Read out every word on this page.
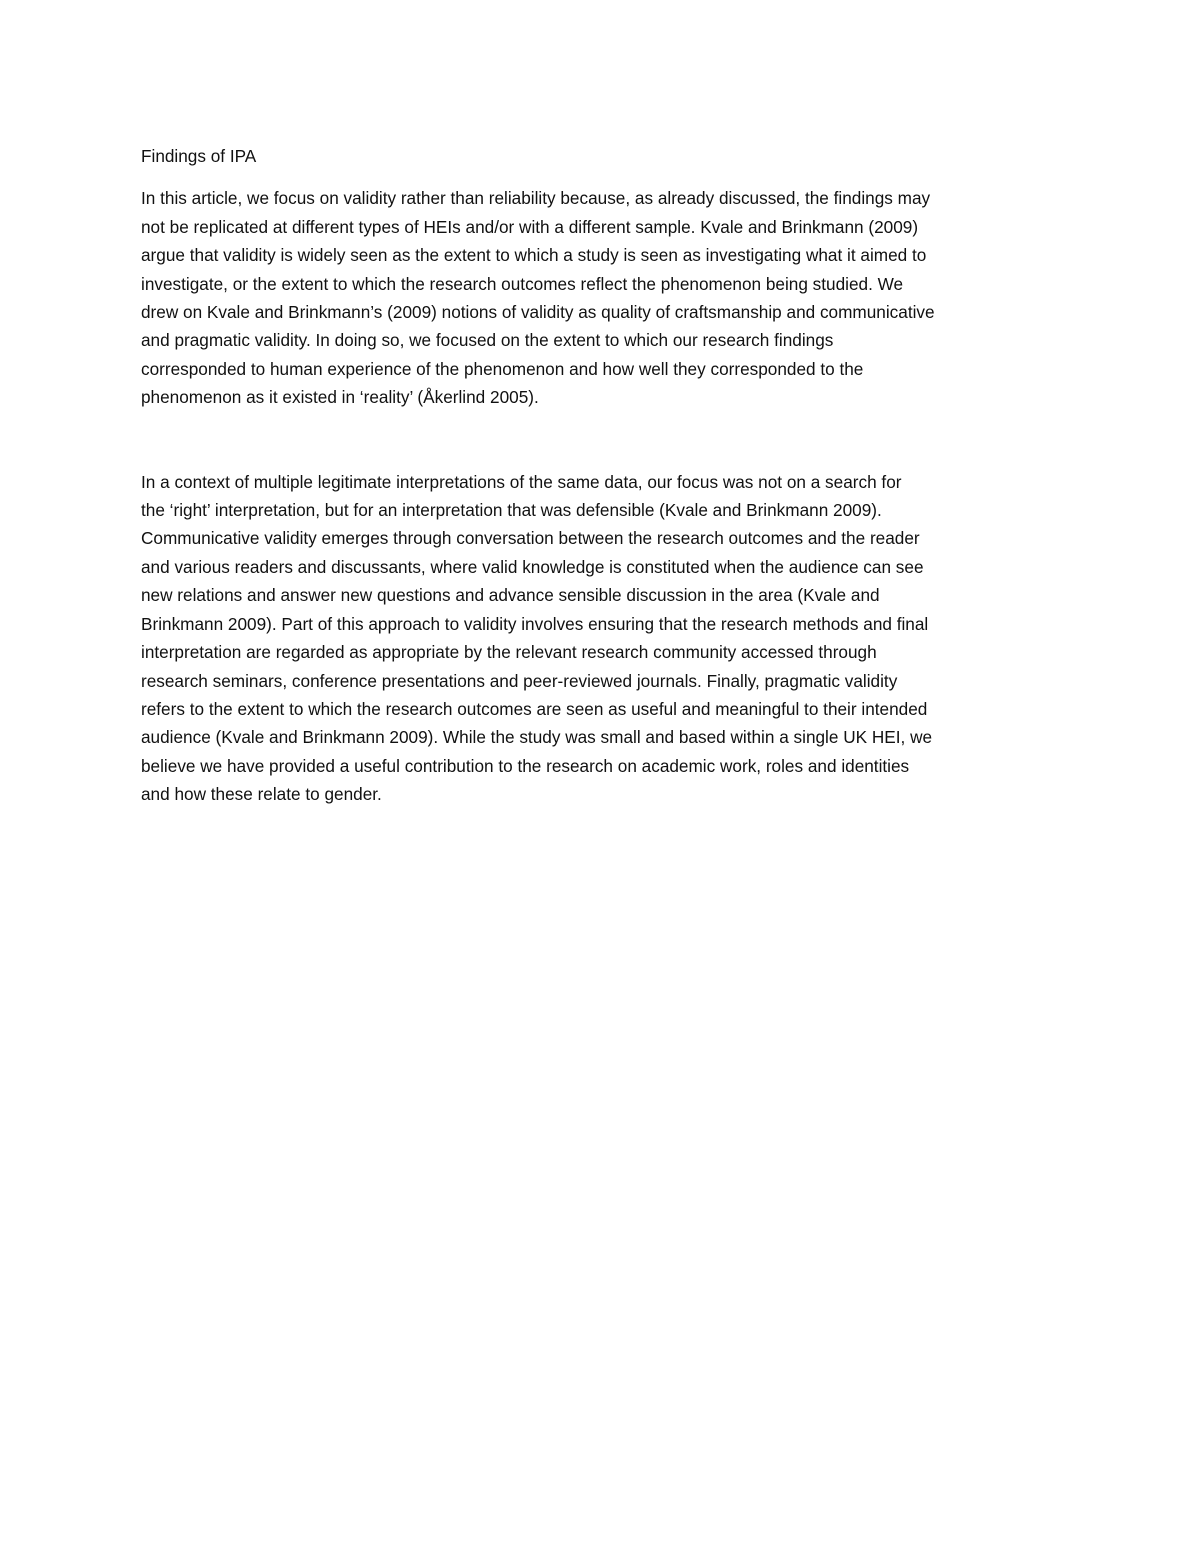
Findings of IPA

In this article, we focus on validity rather than reliability because, as already discussed, the findings may
not be replicated at different types of HEIs and/or with a different sample. Kvale and Brinkmann (2009)
argue that validity is widely seen as the extent to which a study is seen as investigating what it aimed to
investigate, or the extent to which the research outcomes reflect the phenomenon being studied. We
drew on Kvale and Brinkmann’s (2009) notions of validity as quality of craftsmanship and communicative
and pragmatic validity. In doing so, we focused on the extent to which our research findings
corresponded to human experience of the phenomenon and how well they corresponded to the
phenomenon as it existed in ‘reality’ (Åkerlind 2005).

In a context of multiple legitimate interpretations of the same data, our focus was not on a search for
the ‘right’ interpretation, but for an interpretation that was defensible (Kvale and Brinkmann 2009).
Communicative validity emerges through conversation between the research outcomes and the reader
and various readers and discussants, where valid knowledge is constituted when the audience can see
new relations and answer new questions and advance sensible discussion in the area (Kvale and
Brinkmann 2009). Part of this approach to validity involves ensuring that the research methods and final
interpretation are regarded as appropriate by the relevant research community accessed through
research seminars, conference presentations and peer-reviewed journals. Finally, pragmatic validity
refers to the extent to which the research outcomes are seen as useful and meaningful to their intended
audience (Kvale and Brinkmann 2009). While the study was small and based within a single UK HEI, we
believe we have provided a useful contribution to the research on academic work, roles and identities
and how these relate to gender.
